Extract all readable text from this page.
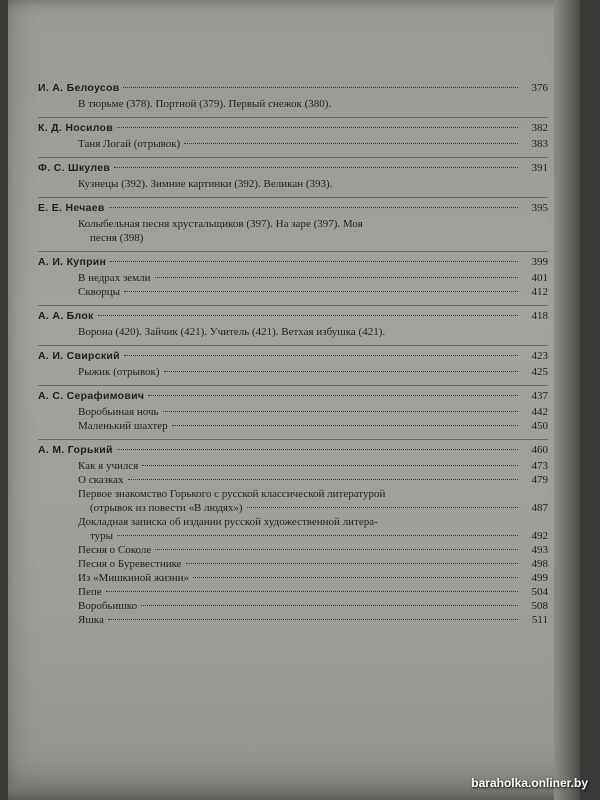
И. А. Белоусов	376
В тюрьме (378). Портной (379). Первый снежок (380).
К. Д. Носилов	382
Таня Логай (отрывок)	383
Ф. С. Шкулев	391
Кузнецы (392). Зимние картинки (392). Великан (393).
Е. Е. Нечаев	395
Колыбельная песня хрустальщиков (397). На заре (397). Моя
песня (398)
А. И. Куприн	399
В недрах земли	401
Скворцы	412
А. А. Блок	418
Ворона (420). Зайчик (421). Учитель (421). Ветхая избушка (421).
А. И. Свирский	423
Рыжик (отрывок)	425
А. С. Серафимович	437
Воробьиная ночь	442
Маленький шахтер	450
А. М. Горький	460
Как я учился	473
О сказках	479
Первое знакомство Горького с русской классической литературой
(отрывок из повести «В людях»)	487
Докладная записка об издании русской художественной литера-
туры	492
Песня о Соколе	493
Песня о Буревестнике	498
Из «Мишкиной жизни»	499
Пепе	504
Воробьишко	508
Яшка	511
baraholka.onliner.by
